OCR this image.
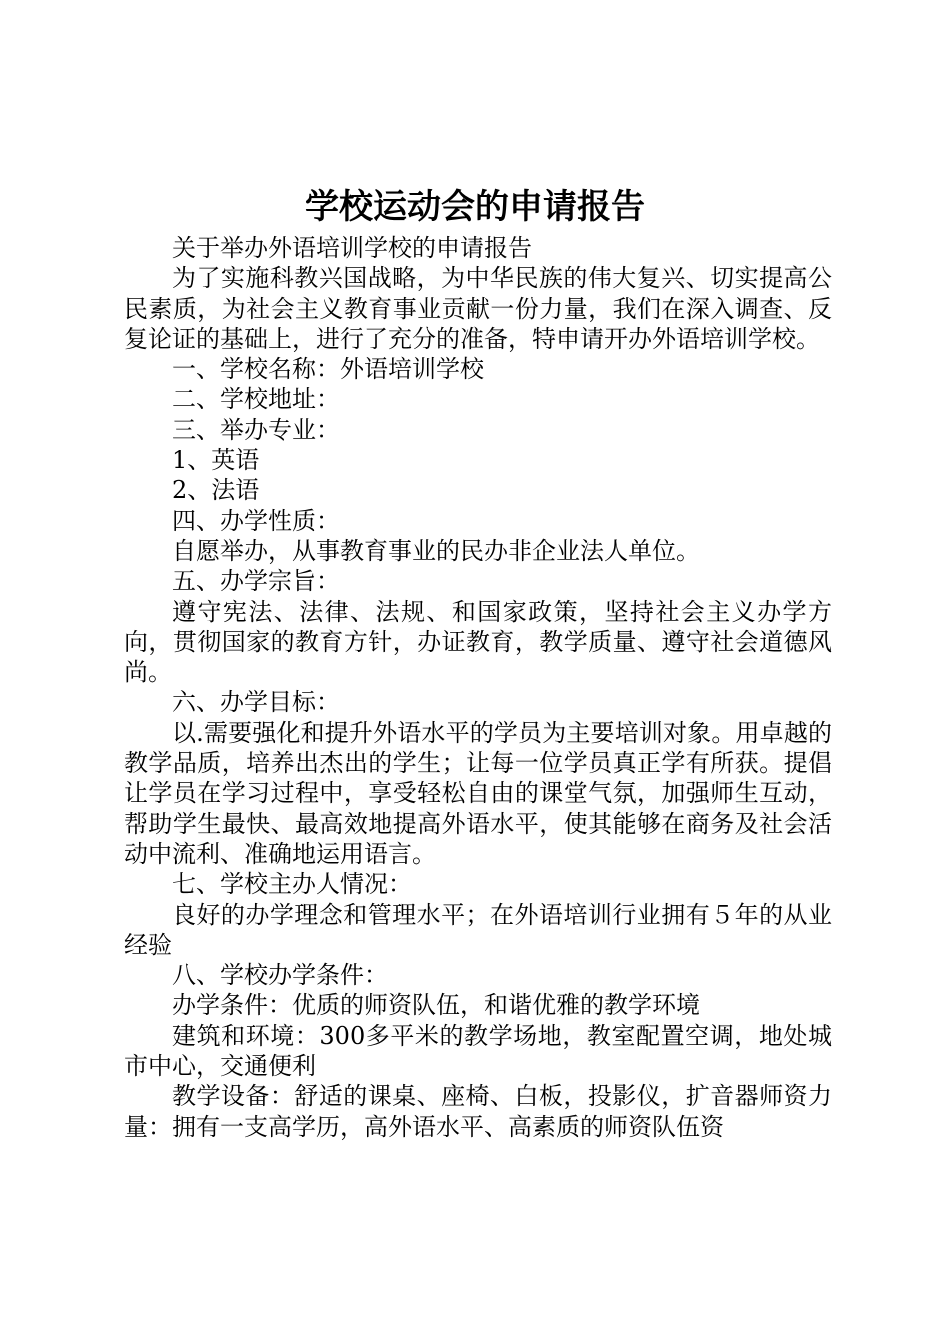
学校运动会的申请报告

关于举办外语培训学校的申请报告

为了实施科教兴国战略，为中华民族的伟大复兴、切实提高公民素质，为社会主义教育事业贡献一份力量，我们在深入调查、反复论证的基础上，进行了充分的准备，特申请开办外语培训学校。

一、学校名称：外语培训学校

二、学校地址：

三、举办专业：

1、英语

2、法语

四、办学性质：

自愿举办，从事教育事业的民办非企业法人单位。

五、办学宗旨：

遵守宪法、法律、法规、和国家政策，坚持社会主义办学方向，贯彻国家的教育方针，办证教育，教学质量、遵守社会道德风尚。

六、办学目标：

以.需要强化和提升外语水平的学员为主要培训对象。用卓越的教学品质，培养出杰出的学生；让每一位学员真正学有所获。提倡让学员在学习过程中，享受轻松自由的课堂气氛，加强师生互动，帮助学生最快、最高效地提高外语水平，使其能够在商务及社会活动中流利、准确地运用语言。

七、学校主办人情况：

良好的办学理念和管理水平；在外语培训行业拥有５年的从业经验

八、学校办学条件：

办学条件：优质的师资队伍，和谐优雅的教学环境

建筑和环境：300多平米的教学场地，教室配置空调，地处城市中心，交通便利

教学设备：舒适的课桌、座椅、白板，投影仪，扩音器师资力量：拥有一支高学历，高外语水平、高素质的师资队伍资
